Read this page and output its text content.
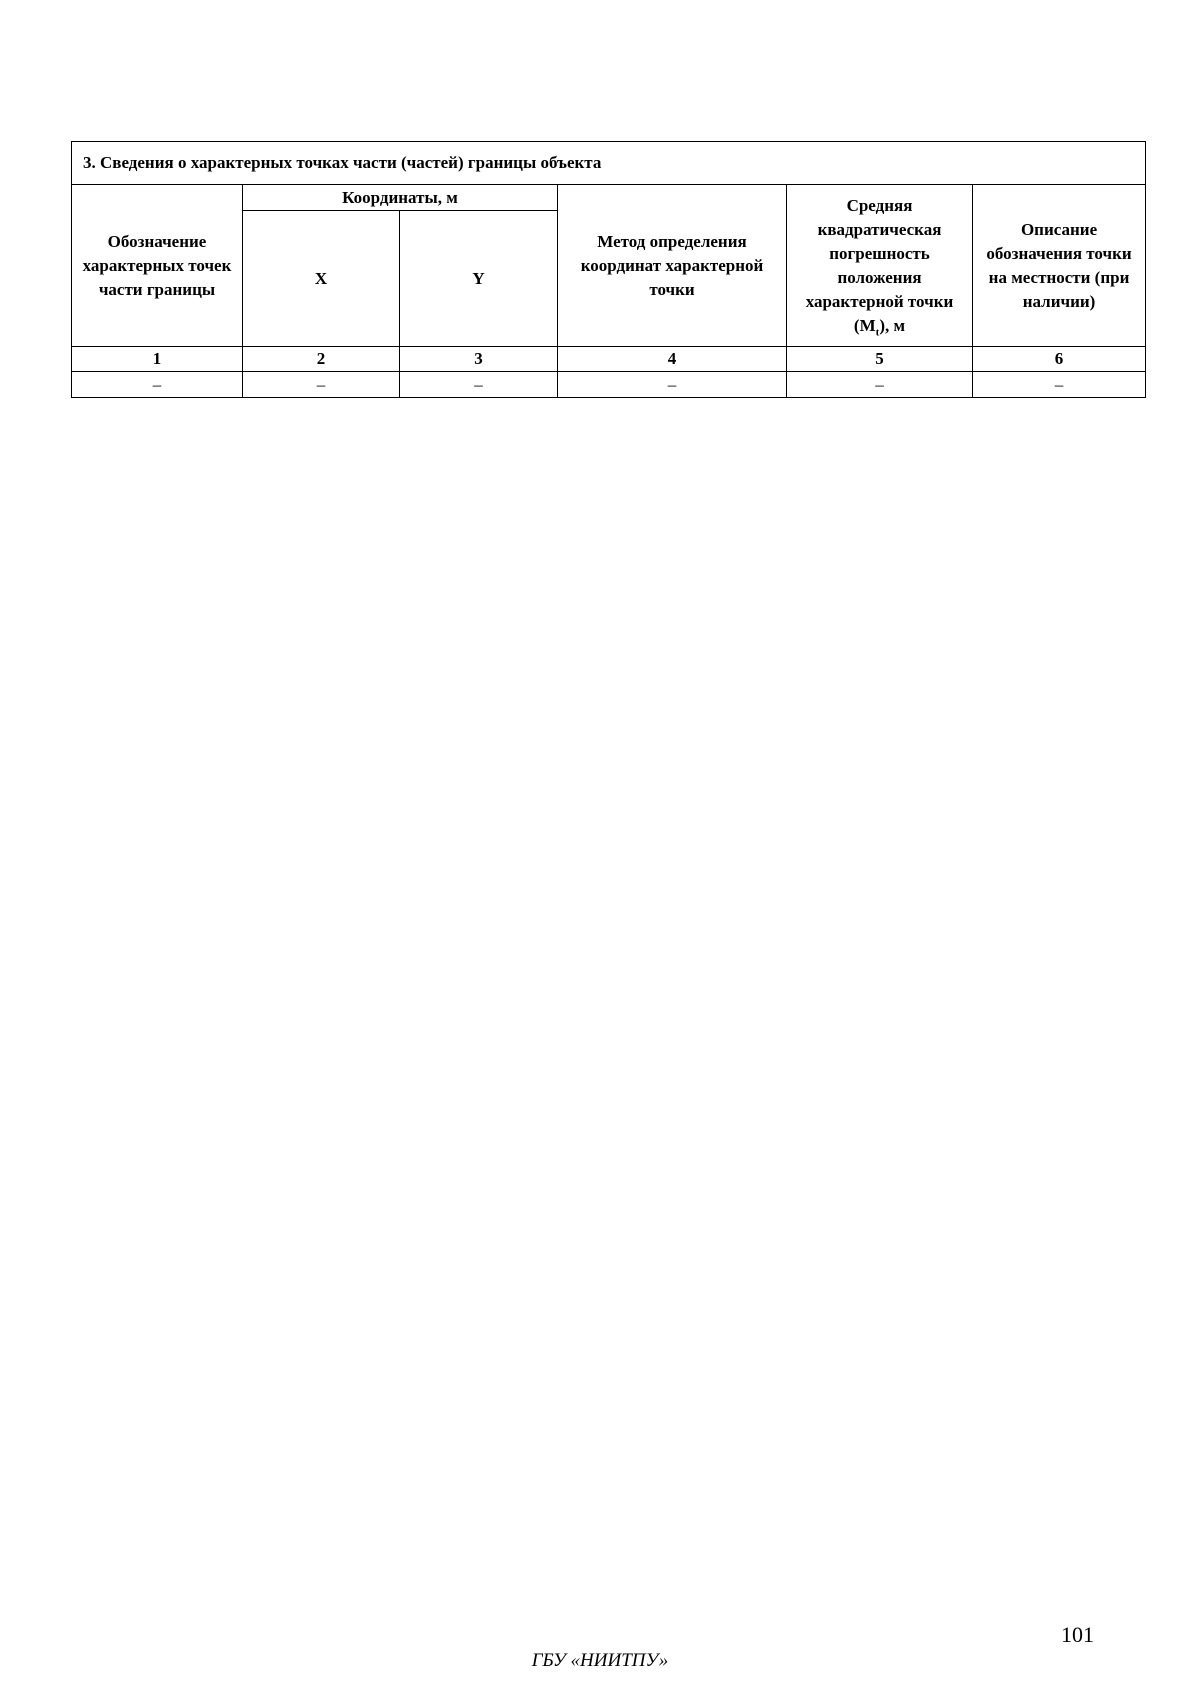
3. Сведения о характерных точках части (частей) границы объекта					
Обозначение характерных точек части границы	Координаты, м		Метод определения координат характерной точки	Средняя квадратическая погрешность положения характерной точки $(M_t)$, м	Описание обозначения точки на местности (при наличии)
	X	Y			
1	2	3	4	5	6
–	–	–	–	–	–
101
ГБУ «НИИТПУ»
